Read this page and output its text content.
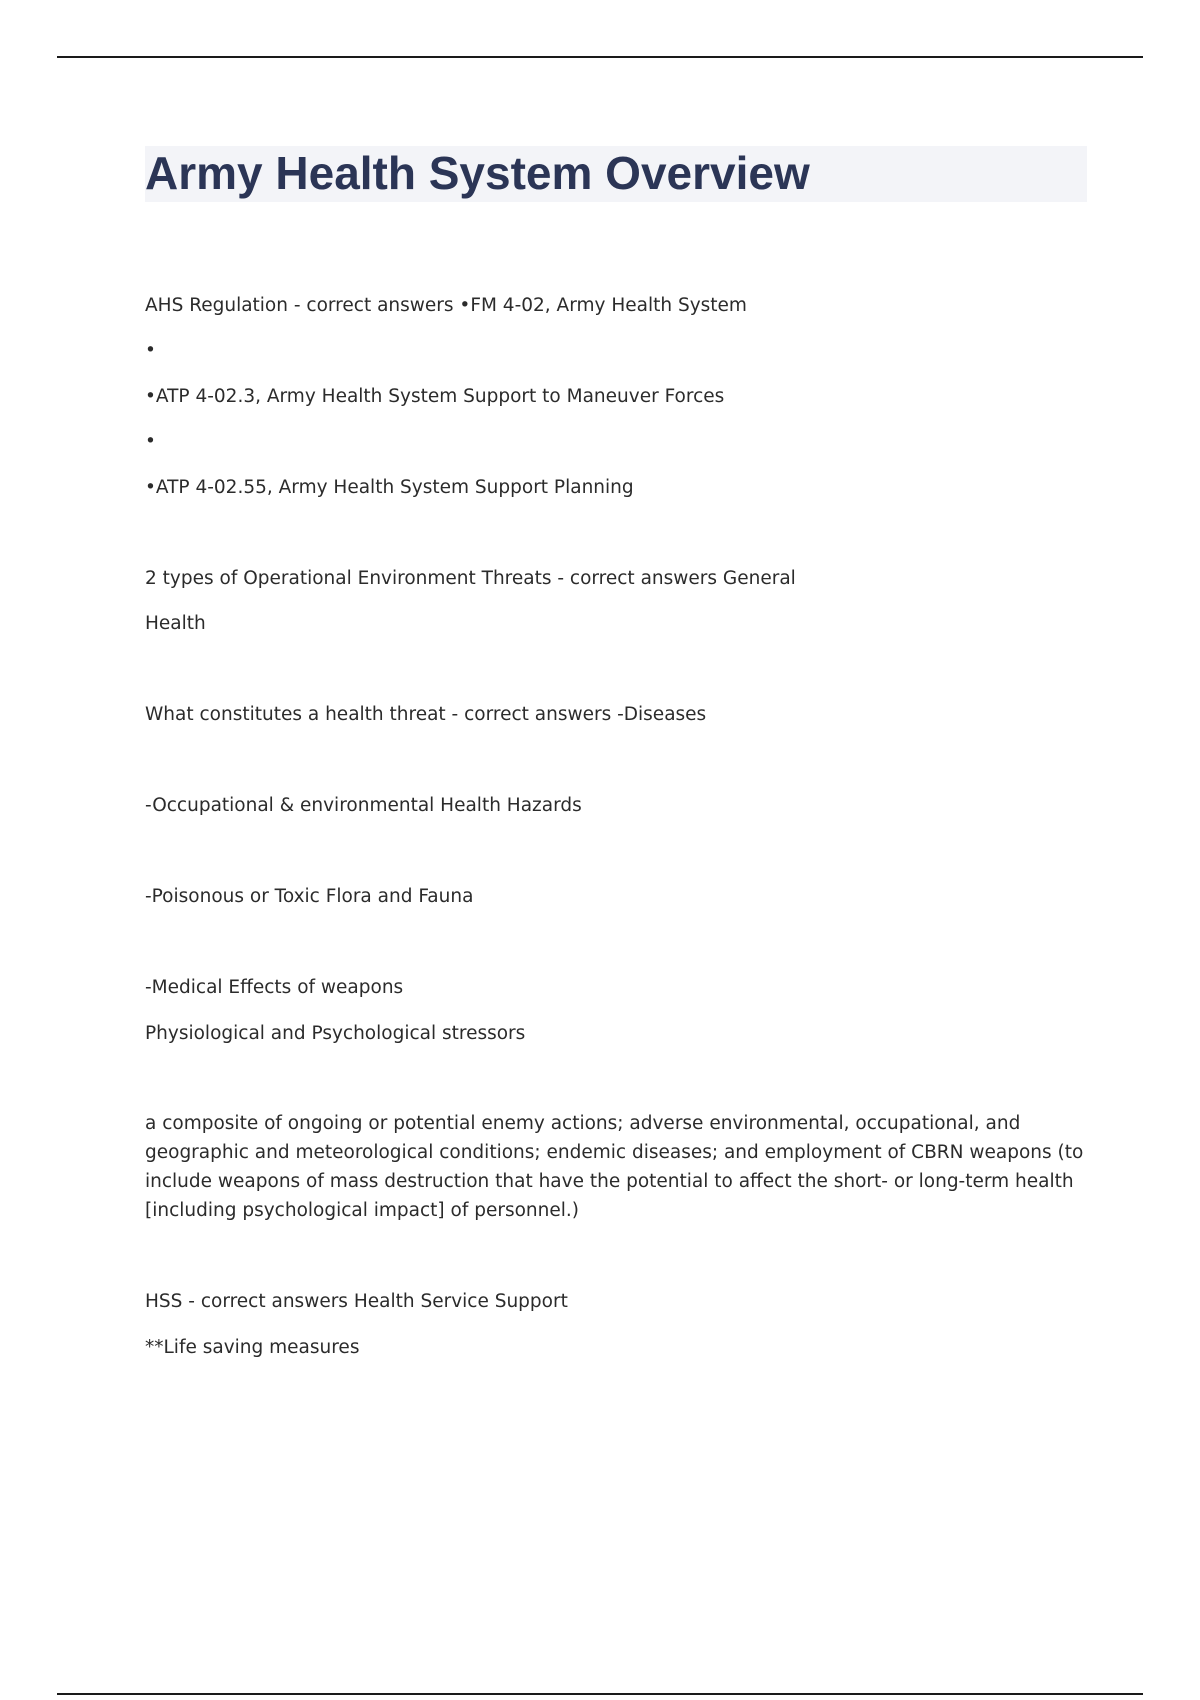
Army Health System Overview

AHS Regulation - correct answers •FM 4-02, Army Health System

•

•ATP 4-02.3, Army Health System Support to Maneuver Forces

•

•ATP 4-02.55, Army Health System Support Planning

2 types of Operational Environment Threats - correct answers General

Health

What constitutes a health threat - correct answers -Diseases

-Occupational & environmental Health Hazards

-Poisonous or Toxic Flora and Fauna

-Medical Effects of weapons

Physiological and Psychological stressors

a composite of ongoing or potential enemy actions; adverse environmental, occupational, and geographic and meteorological conditions; endemic diseases; and employment of CBRN weapons (to include weapons of mass destruction that have the potential to affect the short- or long-term health [including psychological impact] of personnel.)

HSS - correct answers Health Service Support

**Life saving measures
